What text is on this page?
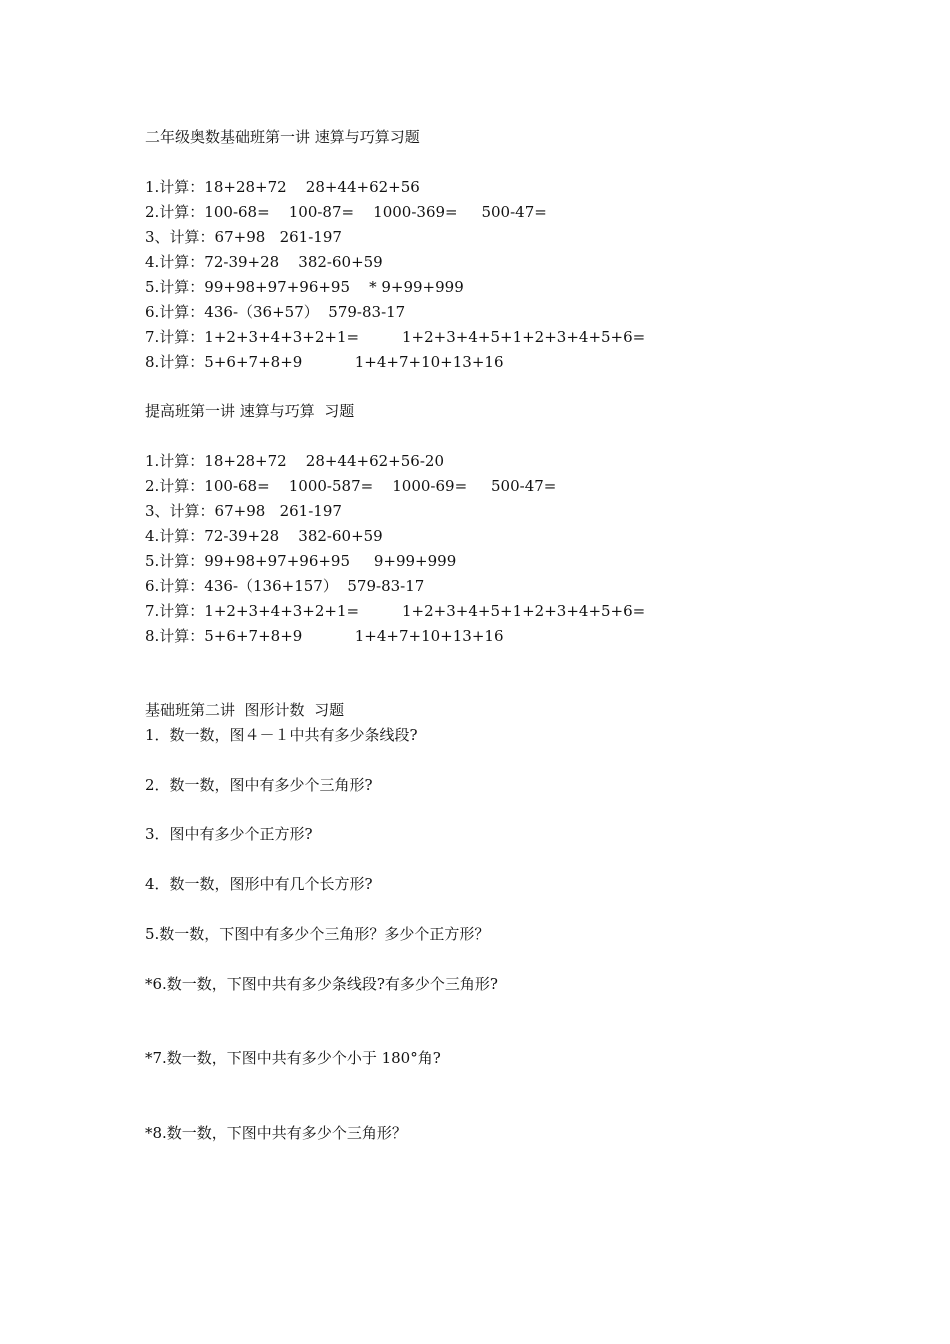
二年级奥数基础班第一讲 速算与巧算习题
1.计算：18+28+72    28+44+62+56
2.计算：100-68=    100-87=    1000-369=     500-47=
3、计算：67+98   261-197
4.计算：72-39+28    382-60+59
5.计算：99+98+97+96+95    * 9+99+999
6.计算：436-（36+57）  579-83-17
7.计算：1+2+3+4+3+2+1=         1+2+3+4+5+1+2+3+4+5+6=
8.计算：5+6+7+8+9           1+4+7+10+13+16
提高班第一讲 速算与巧算  习题
1.计算：18+28+72    28+44+62+56-20
2.计算：100-68=    1000-587=    1000-69=     500-47=
3、计算：67+98   261-197
4.计算：72-39+28    382-60+59
5.计算：99+98+97+96+95     9+99+999
6.计算：436-（136+157）  579-83-17
7.计算：1+2+3+4+3+2+1=         1+2+3+4+5+1+2+3+4+5+6=
8.计算：5+6+7+8+9           1+4+7+10+13+16
基础班第二讲  图形计数  习题
1．数一数，图４－１中共有多少条线段?
2．数一数，图中有多少个三角形?
3．图中有多少个正方形?
4．数一数，图形中有几个长方形?
5.数一数，下图中有多少个三角形？多少个正方形？
*6.数一数，下图中共有多少条线段?有多少个三角形?
*7.数一数，下图中共有多少个小于 180°角?
*8.数一数，下图中共有多少个三角形？
